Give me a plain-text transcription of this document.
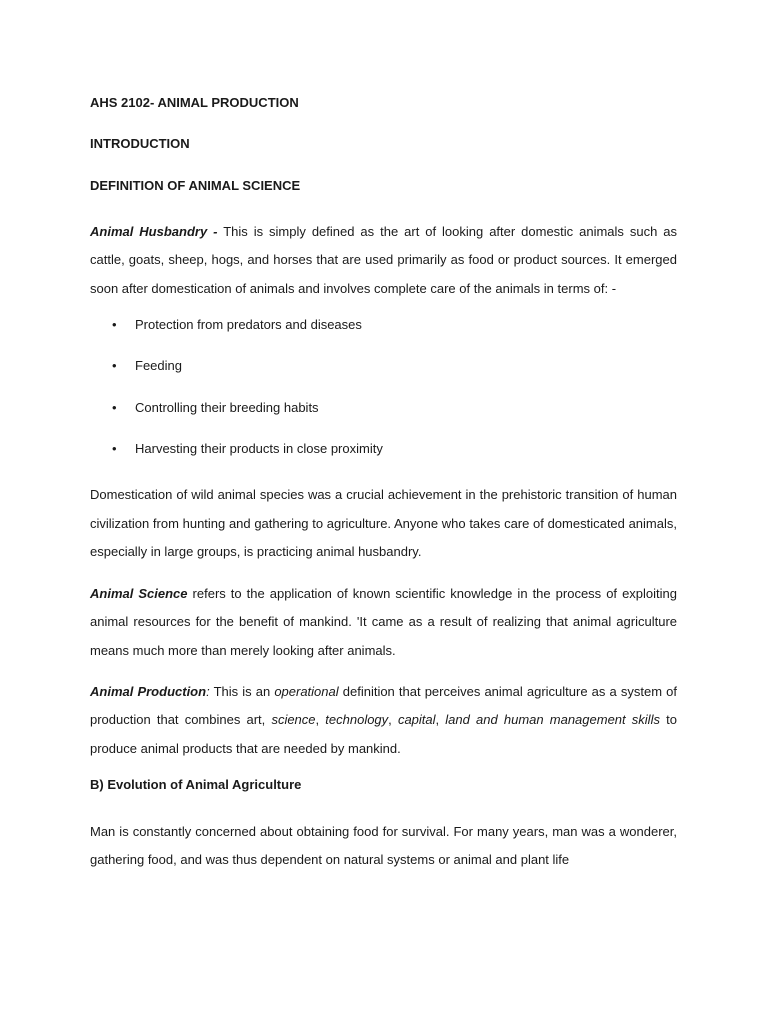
AHS 2102- ANIMAL PRODUCTION

INTRODUCTION

DEFINITION OF ANIMAL SCIENCE

Animal Husbandry - This is simply defined as the art of looking after domestic animals such as cattle, goats, sheep, hogs, and horses that are used primarily as food or product sources. It emerged soon after domestication of animals and involves complete care of the animals in terms of: -

• Protection from predators and diseases
• Feeding
• Controlling their breeding habits
• Harvesting their products in close proximity

Domestication of wild animal species was a crucial achievement in the prehistoric transition of human civilization from hunting and gathering to agriculture. Anyone who takes care of domesticated animals, especially in large groups, is practicing animal husbandry.

Animal Science refers to the application of known scientific knowledge in the process of exploiting animal resources for the benefit of mankind. 'It came as a result of realizing that animal agriculture means much more than merely looking after animals.

Animal Production: This is an operational definition that perceives animal agriculture as a system of production that combines art, science, technology, capital, land and human management skills to produce animal products that are needed by mankind.

B) Evolution of Animal Agriculture

Man is constantly concerned about obtaining food for survival. For many years, man was a wonderer, gathering food, and was thus dependent on natural systems or animal and plant life
